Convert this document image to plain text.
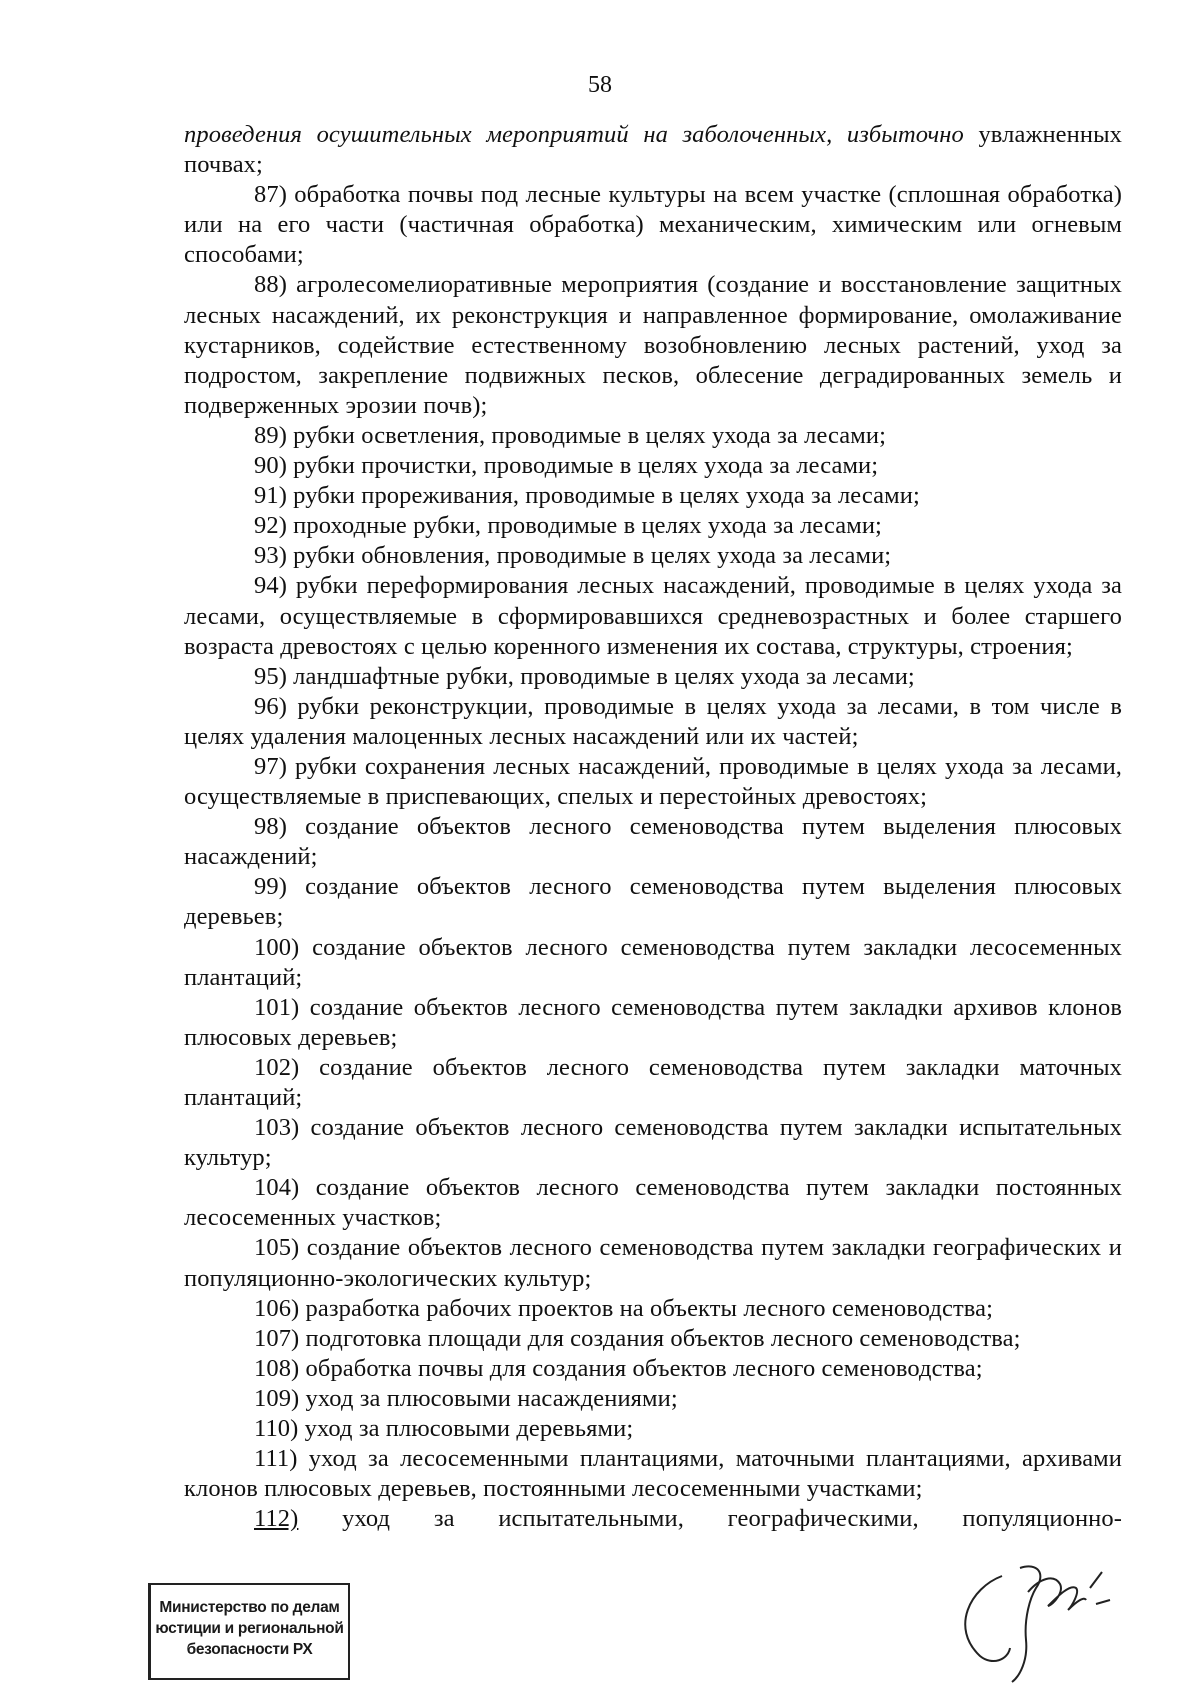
58

проведения осушительных мероприятий на заболоченных, избыточно увлажненных почвах;

87) обработка почвы под лесные культуры на всем участке (сплошная обработка) или на его части (частичная обработка) механическим, химическим или огневым способами;

88) агролесомелиоративные мероприятия (создание и восстановление защитных лесных насаждений, их реконструкция и направленное формирование, омолаживание кустарников, содействие естественному возобновлению лесных растений, уход за подростом, закрепление подвижных песков, облесение деградированных земель и подверженных эрозии почв);

89) рубки осветления, проводимые в целях ухода за лесами;

90) рубки прочистки, проводимые в целях ухода за лесами;

91) рубки прореживания, проводимые в целях ухода за лесами;

92) проходные рубки, проводимые в целях ухода за лесами;

93) рубки обновления, проводимые в целях ухода за лесами;

94) рубки переформирования лесных насаждений, проводимые в целях ухода за лесами, осуществляемые в сформировавшихся средневозрастных и более старшего возраста древостоях с целью коренного изменения их состава, структуры, строения;

95) ландшафтные рубки, проводимые в целях ухода за лесами;

96) рубки реконструкции, проводимые в целях ухода за лесами, в том числе в целях удаления малоценных лесных насаждений или их частей;

97) рубки сохранения лесных насаждений, проводимые в целях ухода за лесами, осуществляемые в приспевающих, спелых и перестойных древостоях;

98) создание объектов лесного семеноводства путем выделения плюсовых насаждений;

99) создание объектов лесного семеноводства путем выделения плюсовых деревьев;

100) создание объектов лесного семеноводства путем закладки лесосеменных плантаций;

101) создание объектов лесного семеноводства путем закладки архивов клонов плюсовых деревьев;

102) создание объектов лесного семеноводства путем закладки маточных плантаций;

103) создание объектов лесного семеноводства путем закладки испытательных культур;

104) создание объектов лесного семеноводства путем закладки постоянных лесосеменных участков;

105) создание объектов лесного семеноводства путем закладки географических и популяционно-экологических культур;

106) разработка рабочих проектов на объекты лесного семеноводства;

107) подготовка площади для создания объектов лесного семеноводства;

108) обработка почвы для создания объектов лесного семеноводства;

109) уход за плюсовыми насаждениями;

110) уход за плюсовыми деревьями;

111) уход за лесосеменными плантациями, маточными плантациями, архивами клонов плюсовых деревьев, постоянными лесосеменными участками;

112) уход за испытательными, географическими, популяционно-

Министерство по делам
юстиции и региональной
безопасности РХ
